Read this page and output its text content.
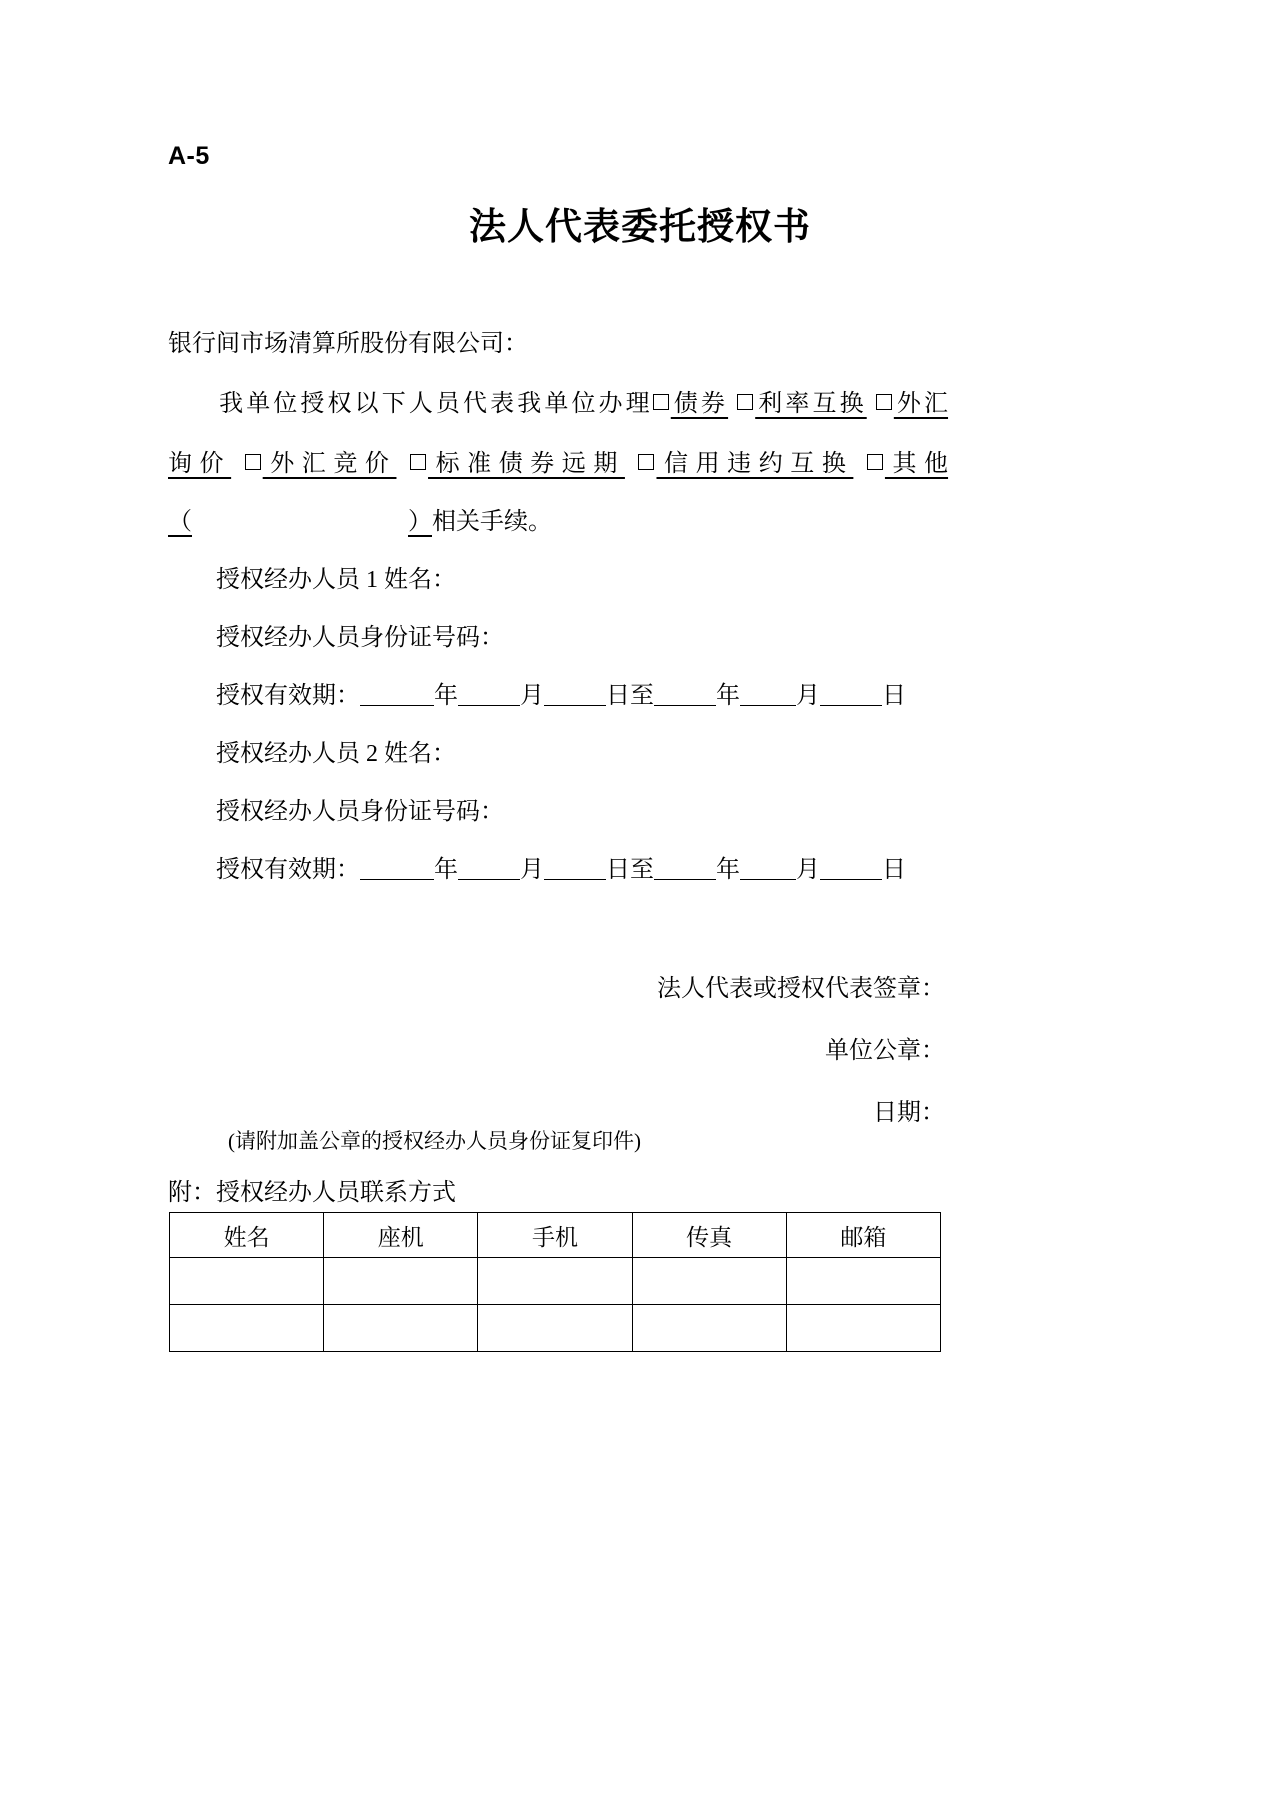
A-5
法人代表委托授权书
银行间市场清算所股份有限公司：
我单位授权以下人员代表我单位办理 债券 利率互换 外汇
询价 外汇竞价 标准债券远期 信用违约互换 其他
（	）相关手续。
授权经办人员 1 姓名：
授权经办人员身份证号码：
授权有效期：	年	月	日至	年 月	日
授权经办人员 2 姓名：
授权经办人员身份证号码：
授权有效期：	年	月	日至	年 月	日
法人代表或授权代表签章：
单位公章：
日期：
(请附加盖公章的授权经办人员身份证复印件)
附：授权经办人员联系方式
姓名	座机	手机	传真	邮箱
